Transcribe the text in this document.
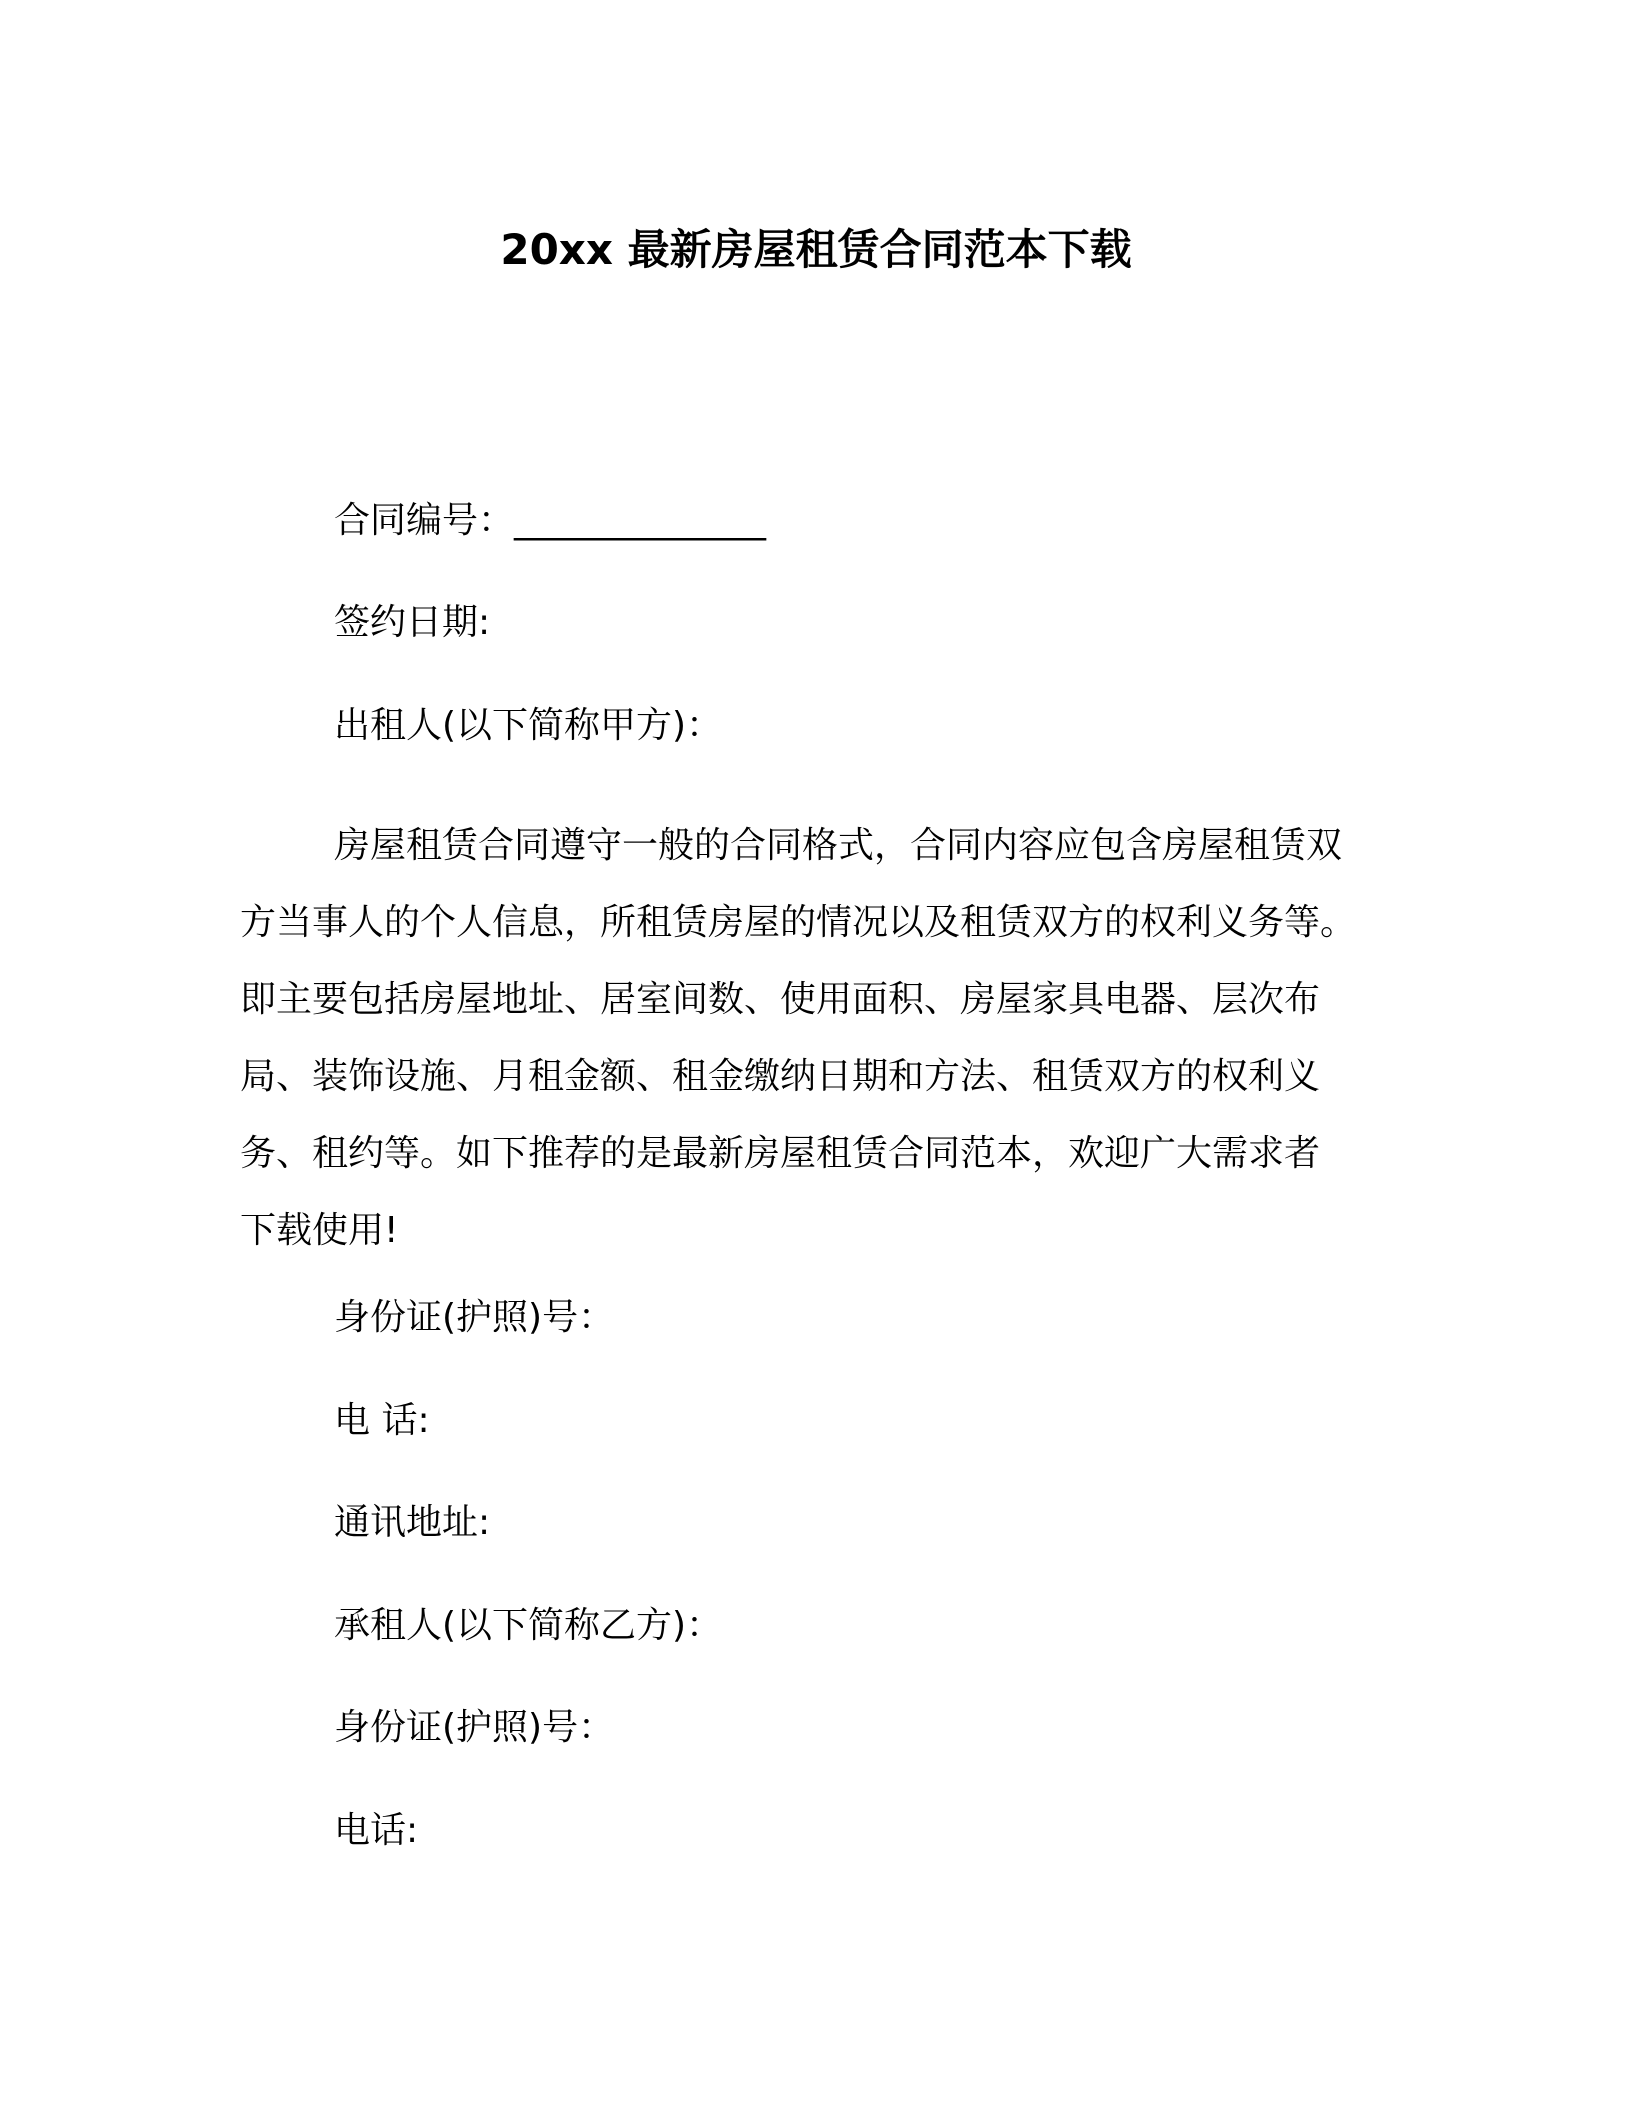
20xx 最新房屋租赁合同范本下载
合同编号：______________
签约日期:
出租人(以下简称甲方)：
房屋租赁合同遵守一般的合同格式，合同内容应包含房屋租赁双
方当事人的个人信息，所租赁房屋的情况以及租赁双方的权利义务等。
即主要包括房屋地址、居室间数、使用面积、房屋家具电器、层次布
局、装饰设施、月租金额、租金缴纳日期和方法、租赁双方的权利义
务、租约等。如下推荐的是最新房屋租赁合同范本，欢迎广大需求者
下载使用!
身份证(护照)号：
电 话:
通讯地址:
承租人(以下简称乙方)：
身份证(护照)号：
电话:
